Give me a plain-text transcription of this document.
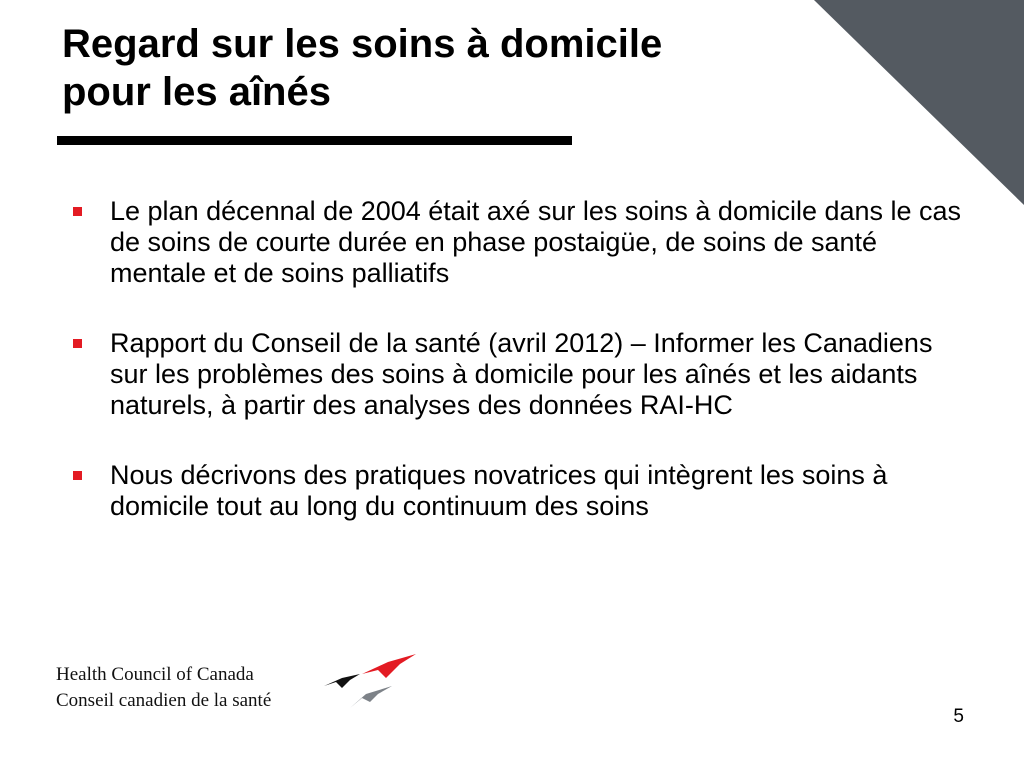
Regard sur les soins à domicile
pour les aînés
Le plan décennal de 2004 était axé sur les soins à domicile dans le cas de soins de courte durée en phase postaigüe, de soins de santé mentale et de soins palliatifs
Rapport du Conseil de la santé (avril 2012) – Informer les Canadiens sur les problèmes des soins à domicile pour les aînés et les aidants naturels, à partir des analyses des données RAI-HC
Nous décrivons des pratiques novatrices qui intègrent les soins à domicile tout au long du continuum des soins
Health Council of Canada
Conseil canadien de la santé
5
